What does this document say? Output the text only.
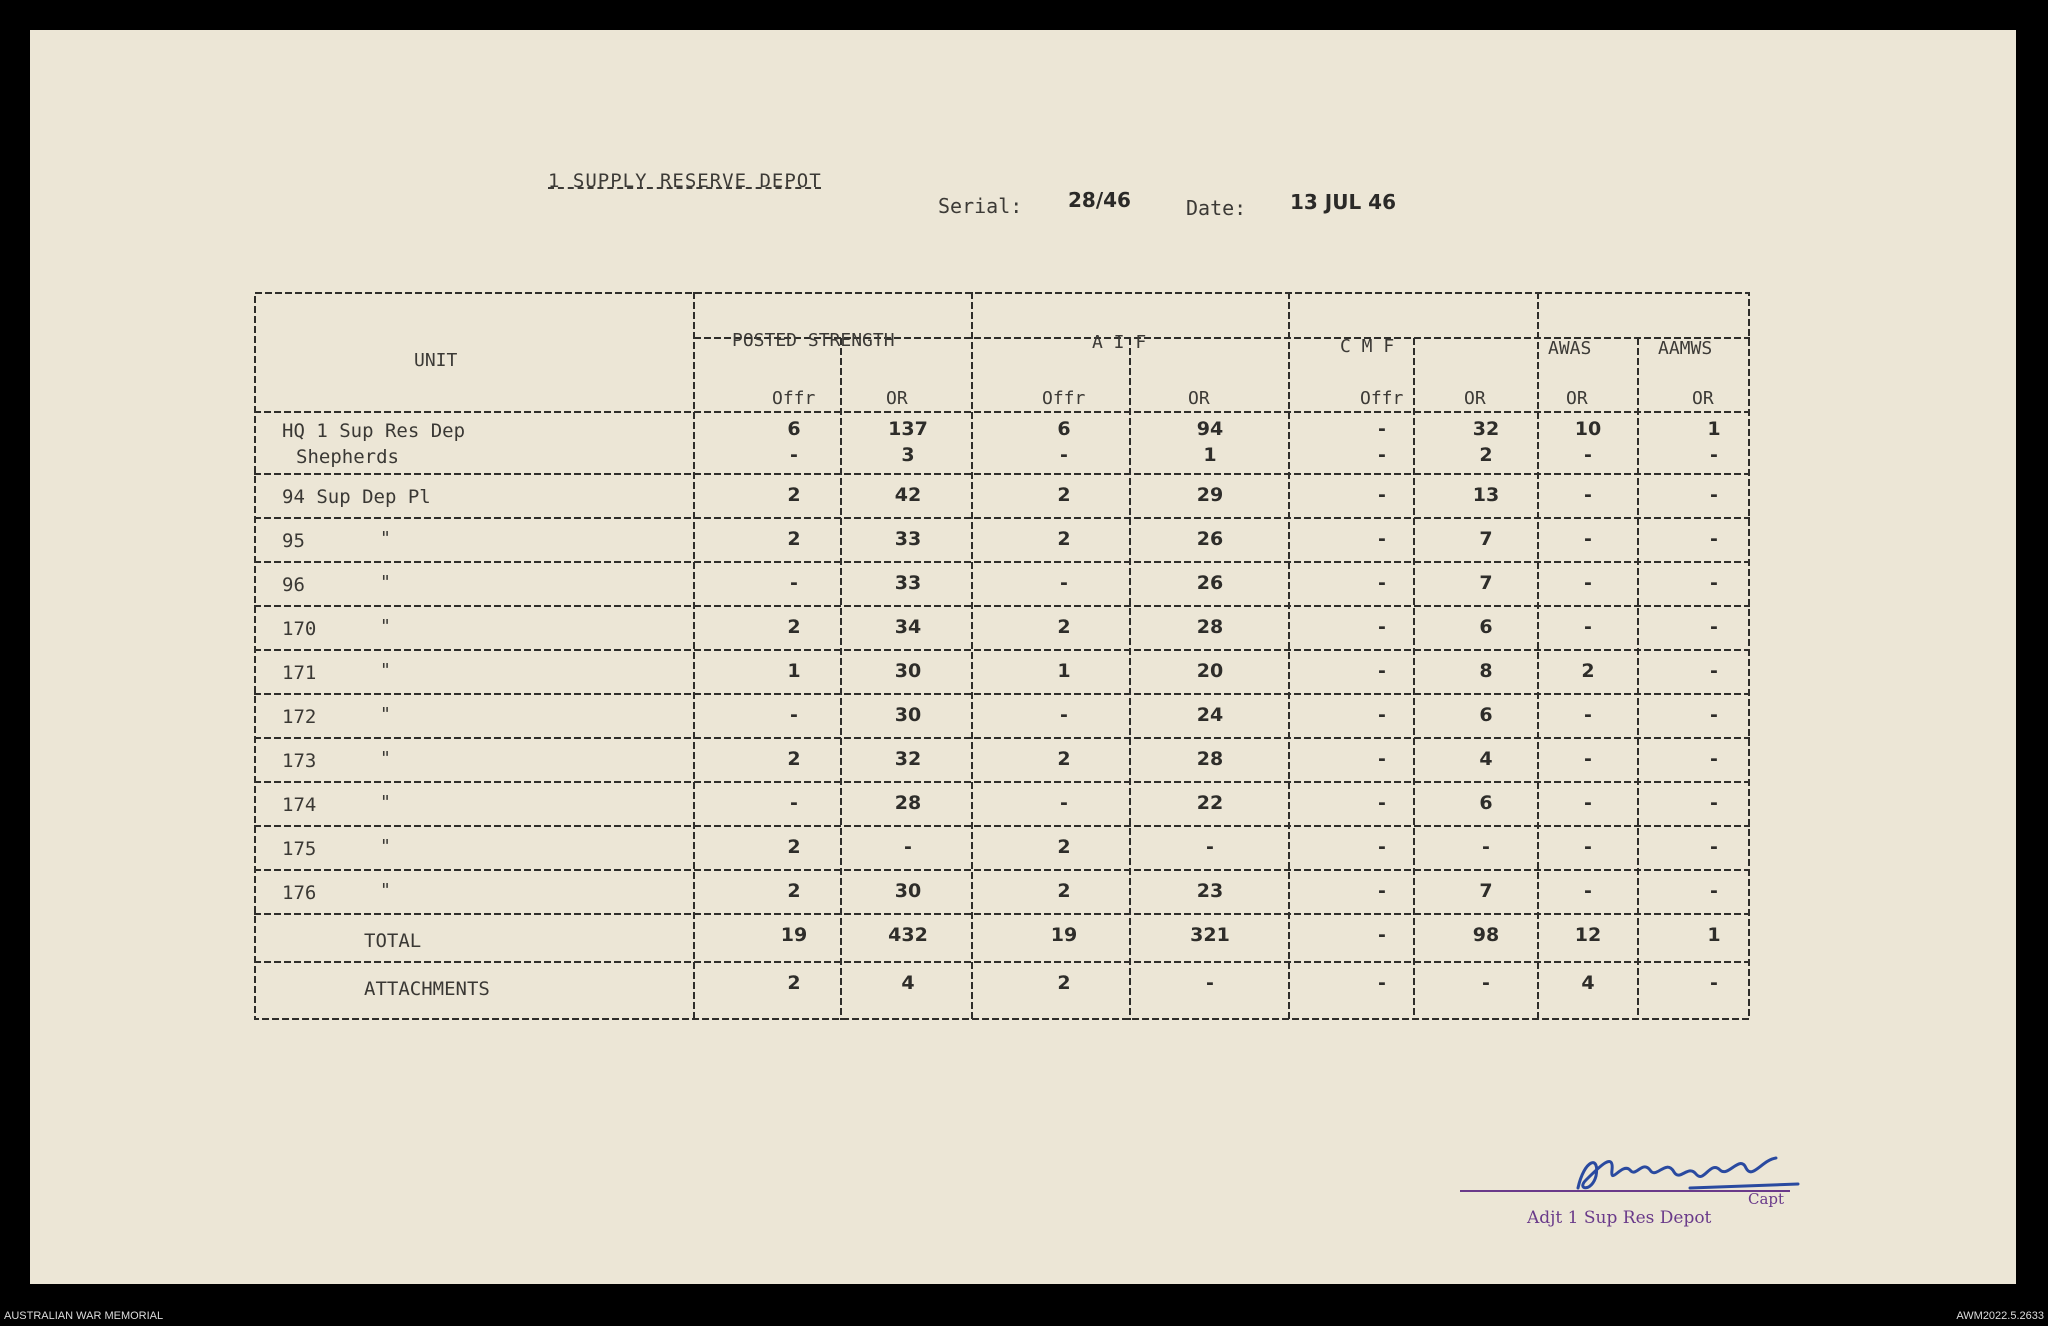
1 SUPPLY RESERVE DEPOT
Serial: 28/46	Date: 13 JUL 46
UNIT
POSTED STRENGTH	A I F	C M F	AWAS	AAMWS
Offr	OR	Offr	OR	Offr	OR	OR	OR
HQ 1 Sup Res Dep	6	137	6	94	-	32	10	1
Shepherds	-	3	-	1	-	2	-	-
94 Sup Dep Pl	2	42	2	29	-	13	-	-
95	"	2	33	2	26	-	7	-	-
96	"	-	33	-	26	-	7	-	-
170	"	2	34	2	28	-	6	-	-
171	"	1	30	1	20	-	8	2	-
172	"	-	30	-	24	-	6	-	-
173	"	2	32	2	28	-	4	-	-
174	"	-	28	-	22	-	6	-	-
175	"	2	-	2	-	-	-	-	-
176	"	2	30	2	23	-	7	-	-
TOTAL	19	432	19	321	-	98	12	1
ATTACHMENTS	2	4	2	-	-	-	4	-
Capt
Adjt 1 Sup Res Depot
AUSTRALIAN WAR MEMORIAL	AWM2022.5.2633
